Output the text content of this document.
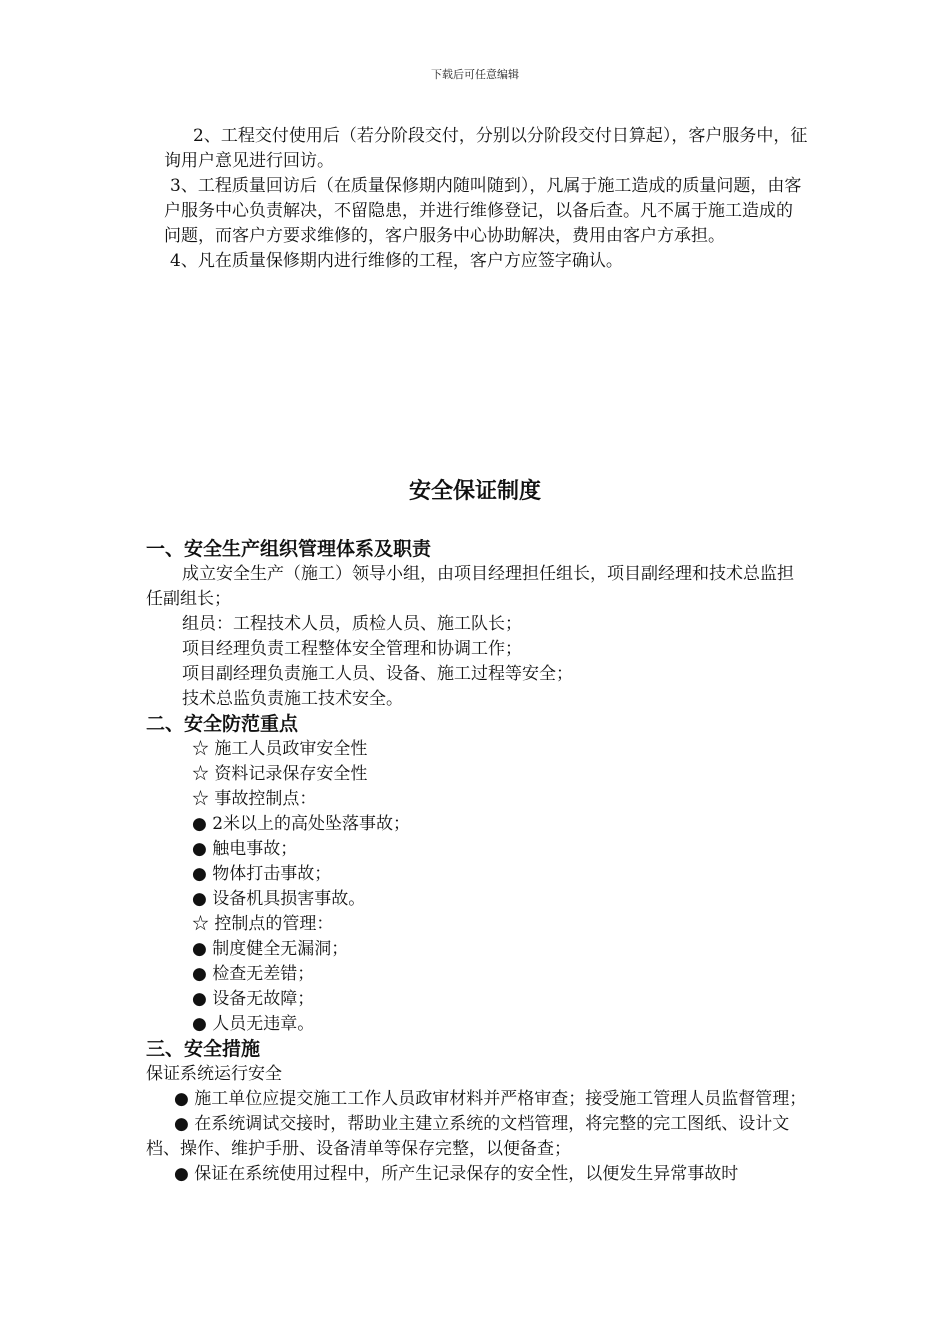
下载后可任意编辑

　2、工程交付使用后（若分阶段交付，分别以分阶段交付日算起），客户服务中，征询用户意见进行回访。

3、工程质量回访后（在质量保修期内随叫随到），凡属于施工造成的质量问题，由客户服务中心负责解决，不留隐患，并进行维修登记，以备后查。凡不属于施工造成的问题，而客户方要求维修的，客户服务中心协助解决，费用由客户方承担。

4、凡在质量保修期内进行维修的工程，客户方应签字确认。

安全保证制度

一、安全生产组织管理体系及职责

成立安全生产（施工）领导小组，由项目经理担任组长，项目副经理和技术总监担任副组长；

组员：工程技术人员，质检人员、施工队长；

项目经理负责工程整体安全管理和协调工作；

项目副经理负责施工人员、设备、施工过程等安全；

技术总监负责施工技术安全。

二、安全防范重点

☆ 施工人员政审安全性

☆ 资料记录保存安全性

☆ 事故控制点：

● 2米以上的高处坠落事故；

● 触电事故；

● 物体打击事故；

● 设备机具损害事故。

☆ 控制点的管理：

● 制度健全无漏洞；

● 检查无差错；

● 设备无故障；

● 人员无违章。

三、安全措施

保证系统运行安全

● 施工单位应提交施工工作人员政审材料并严格审查；接受施工管理人员监督管理；

● 在系统调试交接时，帮助业主建立系统的文档管理，将完整的完工图纸、设计文档、操作、维护手册、设备清单等保存完整，以便备查；

● 保证在系统使用过程中，所产生记录保存的安全性，以便发生异常事故时
